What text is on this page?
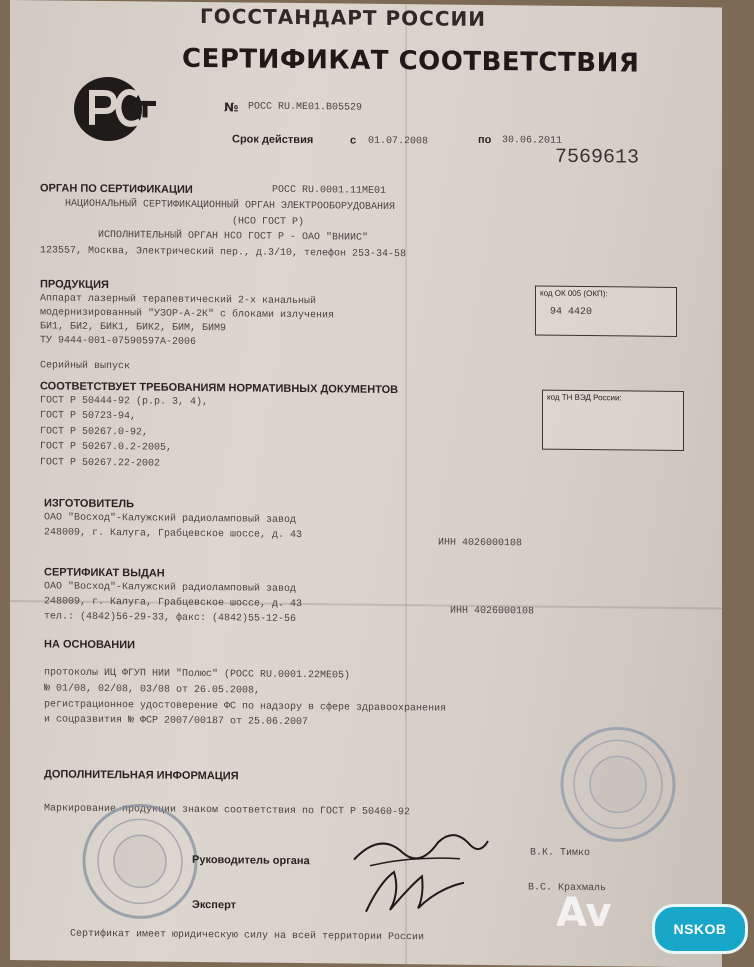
ГОССТАНДАРТ РОССИИ
СЕРТИФИКАТ СООТВЕТСТВИЯ
№ РОСС RU.ME01.B05529
Срок действия	с 01.07.2008	по 30.06.2011
7569613
ОРГАН ПО СЕРТИФИКАЦИИ	РОСС RU.0001.11ME01
НАЦИОНАЛЬНЫЙ СЕРТИФИКАЦИОННЫЙ ОРГАН ЭЛЕКТРООБОРУДОВАНИЯ
(НСО ГОСТ Р)
ИСПОЛНИТЕЛЬНЫЙ ОРГАН НСО ГОСТ Р - ОАО "ВНИИС"
123557, Москва, Электрический пер., д.3/10, телефон 253-34-58
ПРОДУКЦИЯ
Аппарат лазерный терапевтический 2-х канальный
модернизированный "УЗОР-А-2К" с блоками излучения
БИ1, БИ2, БИК1, БИК2, БИМ, БИМ9
ТУ 9444-001-07590597А-2006
Серийный выпуск
код ОК 005 (ОКП):
94 4420
СООТВЕТСТВУЕТ ТРЕБОВАНИЯМ НОРМАТИВНЫХ ДОКУМЕНТОВ
ГОСТ Р 50444-92 (р.р. 3, 4),
ГОСТ Р 50723-94,
ГОСТ Р 50267.0-92,
ГОСТ Р 50267.0.2-2005,
ГОСТ Р 50267.22-2002
код ТН ВЭД России:
ИЗГОТОВИТЕЛЬ
ОАО "Восход"-Калужский радиоламповый завод
248009, г. Калуга, Грабцевское шоссе, д. 43
ИНН 4026000108
СЕРТИФИКАТ ВЫДАН
ОАО "Восход"-Калужский радиоламповый завод
248009, г. Калуга, Грабцевское шоссе, д. 43
тел.: (4842)56-29-33, факс: (4842)55-12-56	ИНН 4026000108
НА ОСНОВАНИИ
протоколы ИЦ ФГУП НИИ "Полюс" (РОСС RU.0001.22МЕ05)
№ 01/08, 02/08, 03/08 от 26.05.2008,
регистрационное удостоверение ФС по надзору в сфере здравоохранения
и соцразвития № ФСР 2007/00187 от 25.06.2007
ДОПОЛНИТЕЛЬНАЯ ИНФОРМАЦИЯ
Маркирование продукции знаком соответствия по ГОСТ Р 50460-92
Руководитель органа
В.К. Тимко
Эксперт
В.С. Крахмаль
Сертификат имеет юридическую силу на всей территории России	Av	NSKOB
